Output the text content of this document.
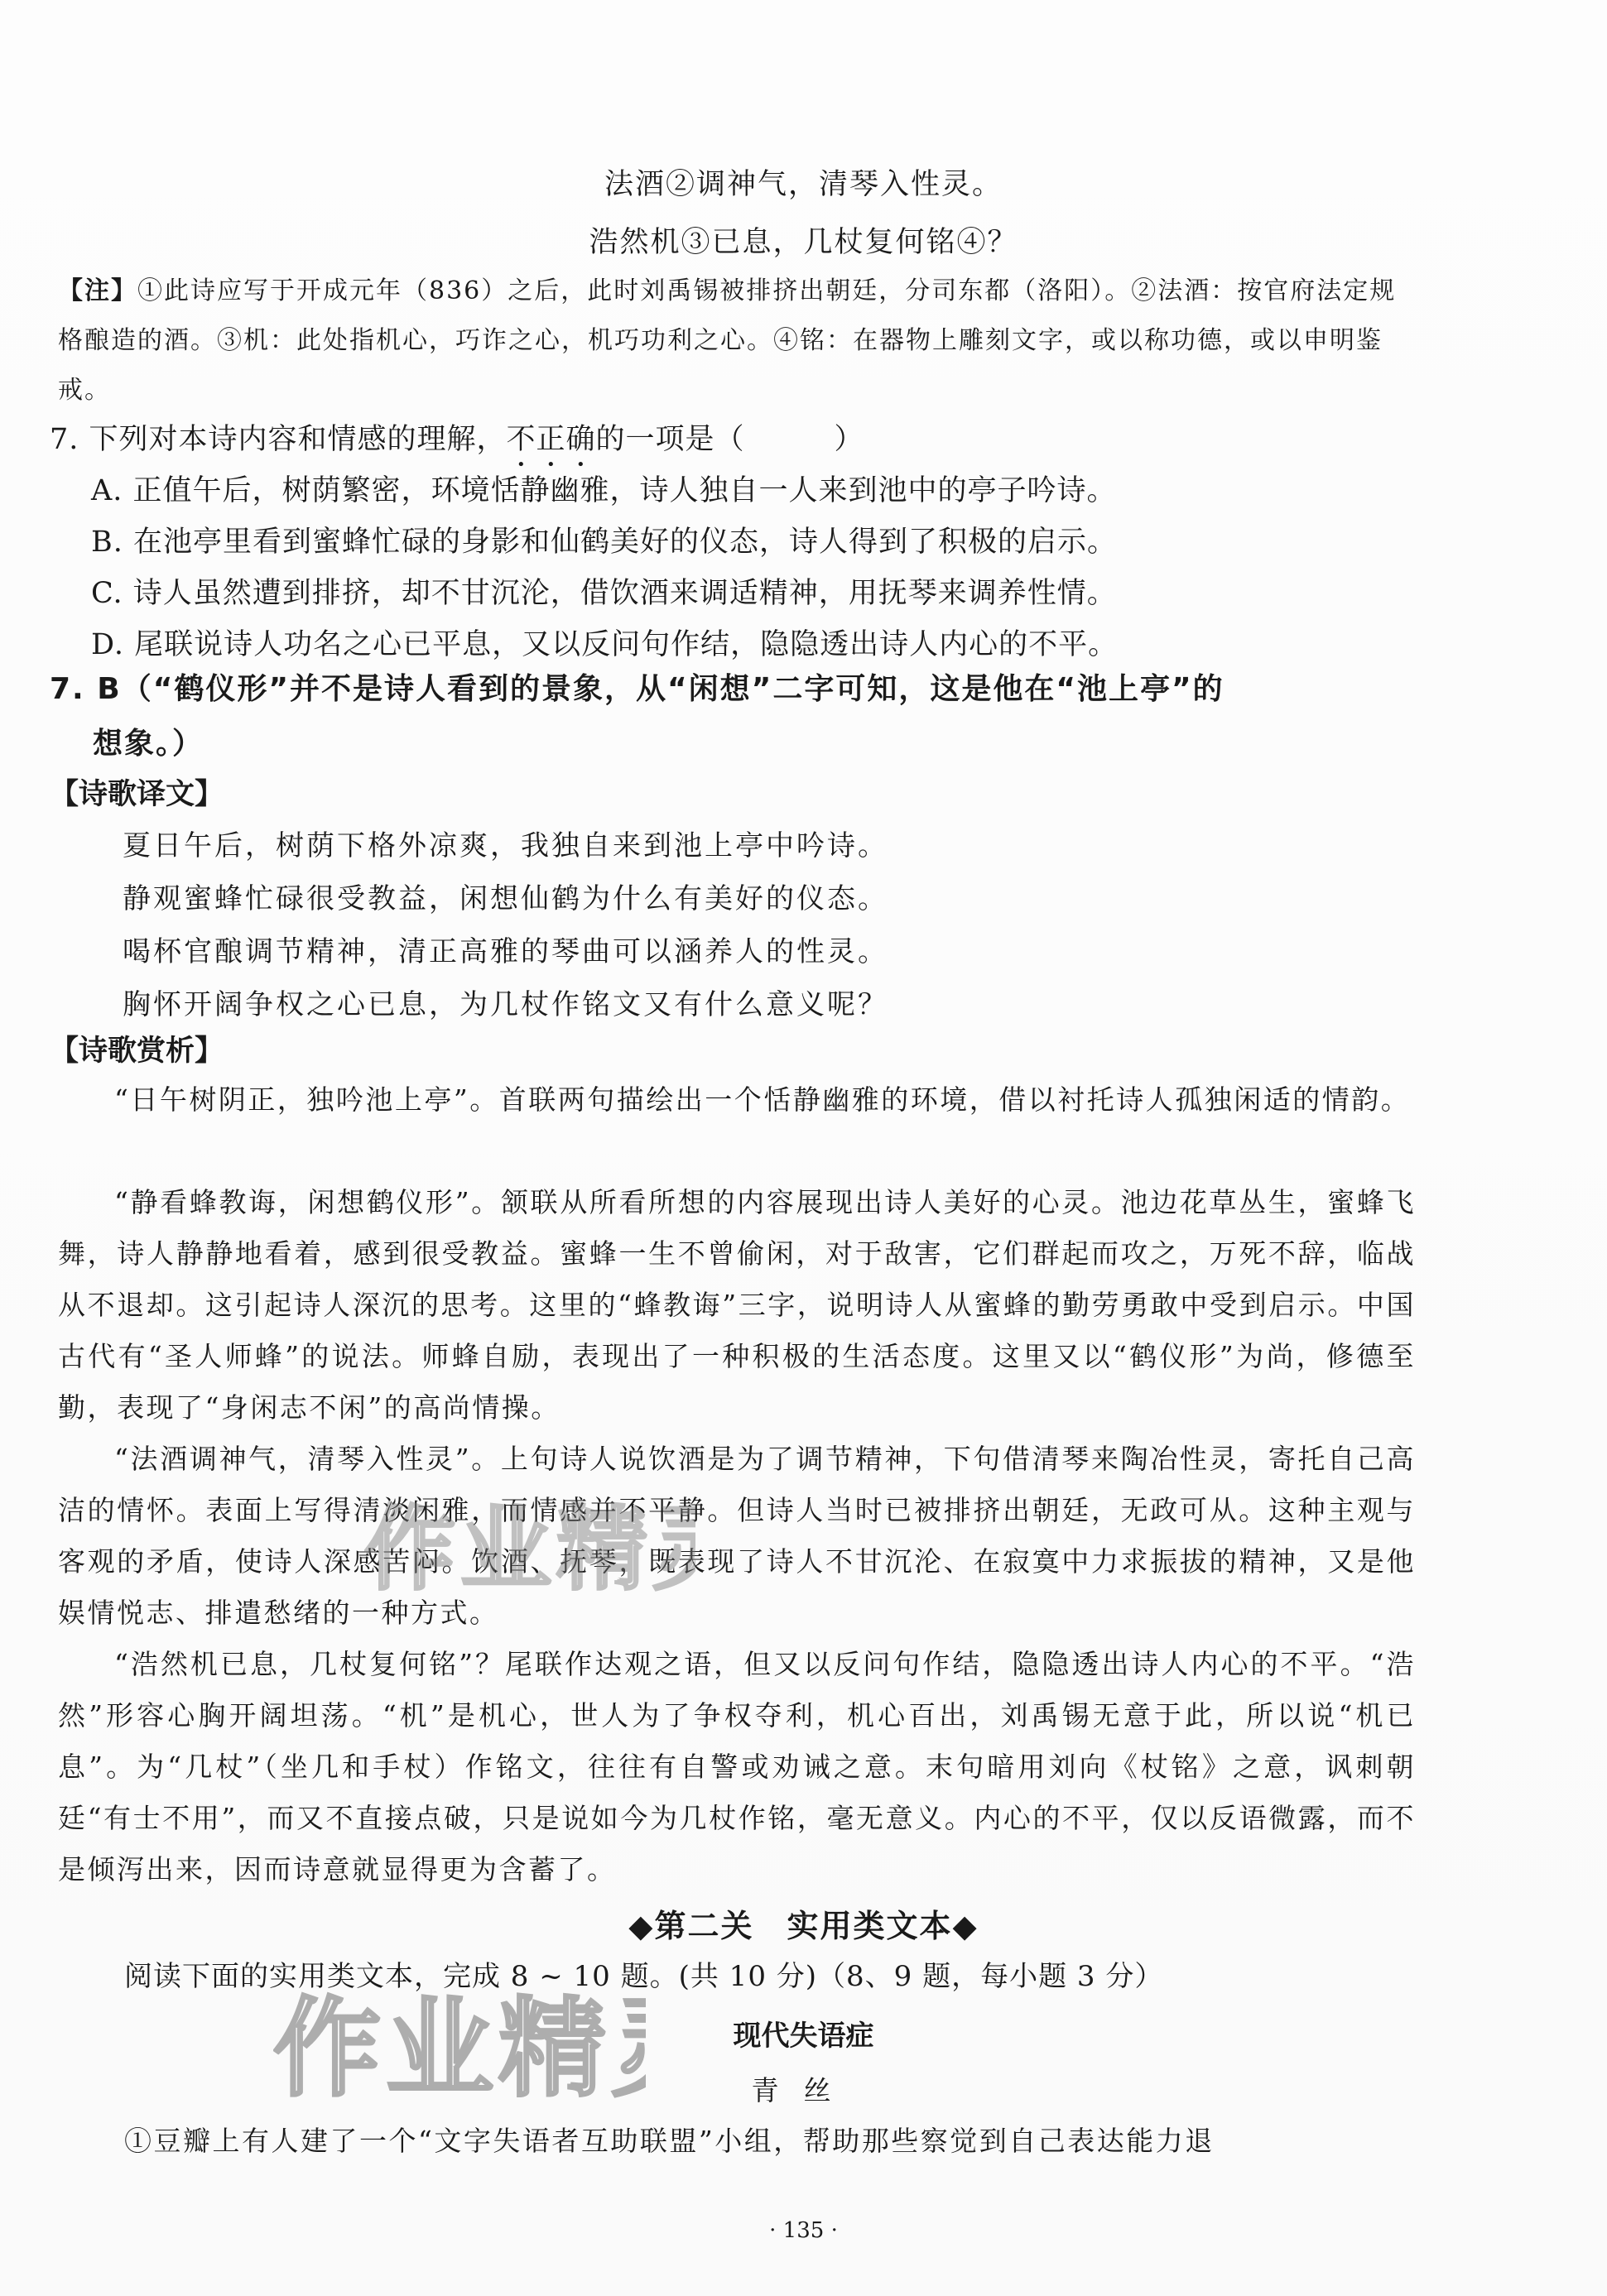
法酒②调神气，清琴入性灵。
浩然机③已息，几杖复何铭④？
【注】①此诗应写于开成元年（836）之后，此时刘禹锡被排挤出朝廷，分司东都（洛阳）。②法酒：按官府法定规格酿造的酒。③机：此处指机心，巧诈之心，机巧功利之心。④铭：在器物上雕刻文字，或以称功德，或以申明鉴戒。
7. 下列对本诗内容和情感的理解，不正确的一项是（　　　）
A. 正值午后，树荫繁密，环境恬静幽雅，诗人独自一人来到池中的亭子吟诗。
B. 在池亭里看到蜜蜂忙碌的身影和仙鹤美好的仪态，诗人得到了积极的启示。
C. 诗人虽然遭到排挤，却不甘沉沦，借饮酒来调适精神，用抚琴来调养性情。
D. 尾联说诗人功名之心已平息，又以反问句作结，隐隐透出诗人内心的不平。
7. B（“鹤仪形”并不是诗人看到的景象，从“闲想”二字可知，这是他在“池上亭”的
想象。）
【诗歌译文】
夏日午后，树荫下格外凉爽，我独自来到池上亭中吟诗。
静观蜜蜂忙碌很受教益，闲想仙鹤为什么有美好的仪态。
喝杯官酿调节精神，清正高雅的琴曲可以涵养人的性灵。
胸怀开阔争权之心已息，为几杖作铭文又有什么意义呢？
【诗歌赏析】
“日午树阴正，独吟池上亭”。首联两句描绘出一个恬静幽雅的环境，借以衬托诗人孤独闲适的情韵。
“静看蜂教诲，闲想鹤仪形”。颔联从所看所想的内容展现出诗人美好的心灵。池边花草丛生，蜜蜂飞舞，诗人静静地看着，感到很受教益。蜜蜂一生不曾偷闲，对于敌害，它们群起而攻之，万死不辞，临战从不退却。这引起诗人深沉的思考。这里的“蜂教诲”三字，说明诗人从蜜蜂的勤劳勇敢中受到启示。中国古代有“圣人师蜂”的说法。师蜂自励，表现出了一种积极的生活态度。这里又以“鹤仪形”为尚，修德至勤，表现了“身闲志不闲”的高尚情操。
“法酒调神气，清琴入性灵”。上句诗人说饮酒是为了调节精神，下句借清琴来陶冶性灵，寄托自己高洁的情怀。表面上写得清淡闲雅，而情感并不平静。但诗人当时已被排挤出朝廷，无政可从。这种主观与客观的矛盾，使诗人深感苦闷。饮酒、抚琴，既表现了诗人不甘沉沦、在寂寞中力求振拔的精神，又是他娱情悦志、排遣愁绪的一种方式。
“浩然机已息，几杖复何铭”？尾联作达观之语，但又以反问句作结，隐隐透出诗人内心的不平。“浩然”形容心胸开阔坦荡。“机”是机心，世人为了争权夺利，机心百出，刘禹锡无意于此，所以说“机已息”。为“几杖”（坐几和手杖）作铭文，往往有自警或劝诫之意。末句暗用刘向《杖铭》之意，讽刺朝廷“有士不用”，而又不直接点破，只是说如今为几杖作铭，毫无意义。内心的不平，仅以反语微露，而不是倾泻出来，因而诗意就显得更为含蓄了。
◆第二关　实用类文本◆
阅读下面的实用类文本，完成 8 ~ 10 题。(共 10 分)（8、9 题，每小题 3 分）
现代失语症
青丝
①豆瓣上有人建了一个“文字失语者互助联盟”小组，帮助那些察觉到自己表达能力退
作业精
作业精
· 135 ·
